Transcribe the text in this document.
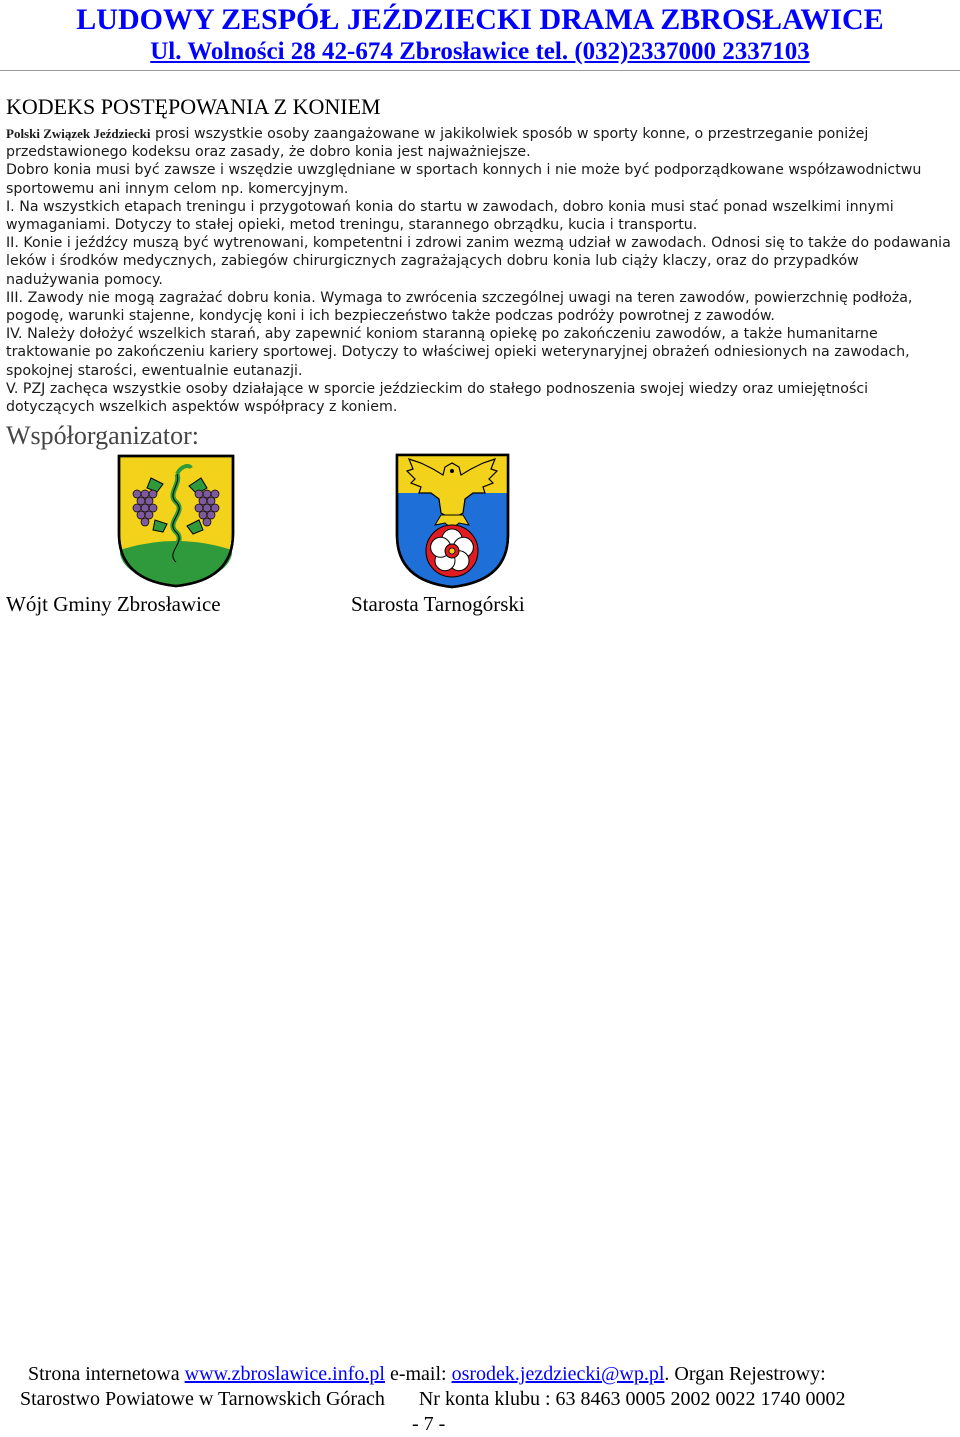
LUDOWY ZESPÓŁ JEŹDZIECKI DRAMA ZBROSŁAWICE
Ul. Wolności 28 42-674 Zbrosławice tel. (032)2337000 2337103
KODEKS POSTĘPOWANIA Z KONIEM

Polski Związek Jeździecki prosi wszystkie osoby zaangażowane w jakikolwiek sposób w sporty konne, o przestrzeganie poniżej przedstawionego kodeksu oraz zasady, że dobro konia jest najważniejsze.

Dobro konia musi być zawsze i wszędzie uwzględniane w sportach konnych i nie może być podporządkowane współzawodnictwu sportowemu ani innym celom np. komercyjnym.

I. Na wszystkich etapach treningu i przygotowań konia do startu w zawodach, dobro konia musi stać ponad wszelkimi innymi wymaganiami. Dotyczy to stałej opieki, metod treningu, starannego obrządku, kucia i transportu.

II. Konie i jeźdźcy muszą być wytrenowani, kompetentni i zdrowi zanim wezmą udział w zawodach. Odnosi się to także do podawania leków i środków medycznych, zabiegów chirurgicznych zagrażających dobru konia lub ciąży klaczy, oraz do przypadków nadużywania pomocy.

III. Zawody nie mogą zagrażać dobru konia. Wymaga to zwrócenia szczególnej uwagi na teren zawodów, powierzchnię podłoża, pogodę, warunki stajenne, kondycję koni i ich bezpieczeństwo także podczas podróży powrotnej z zawodów.

IV. Należy dołożyć wszelkich starań, aby zapewnić koniom staranną opiekę po zakończeniu zawodów, a także humanitarne traktowanie po zakończeniu kariery sportowej. Dotyczy to właściwej opieki weterynaryjnej obrażeń odniesionych na zawodach, spokojnej starości, ewentualnie eutanazji.

V. PZJ zachęca wszystkie osoby działające w sporcie jeździeckim do stałego podnoszenia swojej wiedzy oraz umiejętności dotyczących wszelkich aspektów współpracy z koniem.

Współorganizator:
Wójt Gminy Zbrosławice	Starosta Tarnogórski
Strona internetowa www.zbroslawice.info.pl e-mail: osrodek.jezdziecki@wp.pl. Organ Rejestrowy:
Starostwo Powiatowe w Tarnowskich Górach Nr konta klubu : 63 8463 0005 2002 0022 1740 0002
- 7 -
